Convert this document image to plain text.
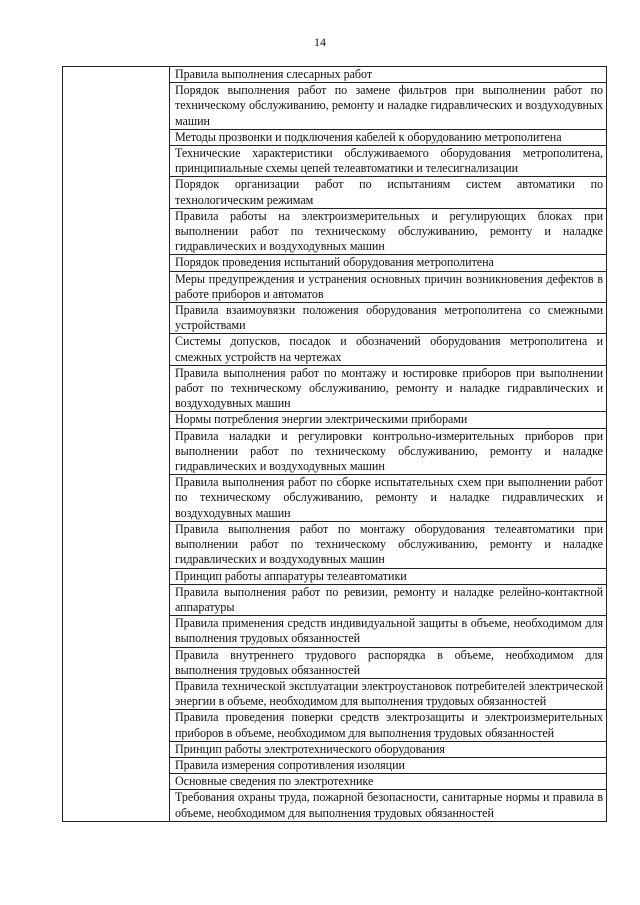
14
	Правила выполнения слесарных работ
Порядок выполнения работ по замене фильтров при выполнении работ по техническому обслуживанию, ремонту и наладке гидравлических и воздуходувных машин
Методы прозвонки и подключения кабелей к оборудованию метрополитена
Технические характеристики обслуживаемого оборудования метрополитена, принципиальные схемы цепей телеавтоматики и телесигнализации
Порядок организации работ по испытаниям систем автоматики по технологическим режимам
Правила работы на электроизмерительных и регулирующих блоках при выполнении работ по техническому обслуживанию, ремонту и наладке гидравлических и воздуходувных машин
Порядок проведения испытаний оборудования метрополитена
Меры предупреждения и устранения основных причин возникновения дефектов в работе приборов и автоматов
Правила взаимоувязки положения оборудования метрополитена со смежными устройствами
Системы допусков, посадок и обозначений оборудования метрополитена и смежных устройств на чертежах
Правила выполнения работ по монтажу и юстировке приборов при выполнении работ по техническому обслуживанию, ремонту и наладке гидравлических и воздуходувных машин
Нормы потребления энергии электрическими приборами
Правила наладки и регулировки контрольно-измерительных приборов при выполнении работ по техническому обслуживанию, ремонту и наладке гидравлических и воздуходувных машин
Правила выполнения работ по сборке испытательных схем при выполнении работ по техническому обслуживанию, ремонту и наладке гидравлических и воздуходувных машин
Правила выполнения работ по монтажу оборудования телеавтоматики при выполнении работ по техническому обслуживанию, ремонту и наладке гидравлических и воздуходувных машин
Принцип работы аппаратуры телеавтоматики
Правила выполнения работ по ревизии, ремонту и наладке релейно-контактной аппаратуры
Правила применения средств индивидуальной защиты в объеме, необходимом для выполнения трудовых обязанностей
Правила внутреннего трудового распорядка в объеме, необходимом для выполнения трудовых обязанностей
Правила технической эксплуатации электроустановок потребителей электрической энергии в объеме, необходимом для выполнения трудовых обязанностей
Правила проведения поверки средств электрозащиты и электроизмерительных приборов в объеме, необходимом для выполнения трудовых обязанностей
Принцип работы электротехнического оборудования
Правила измерения сопротивления изоляции
Основные сведения по электротехнике
Требования охраны труда, пожарной безопасности, санитарные нормы и правила в объеме, необходимом для выполнения трудовых обязанностей
